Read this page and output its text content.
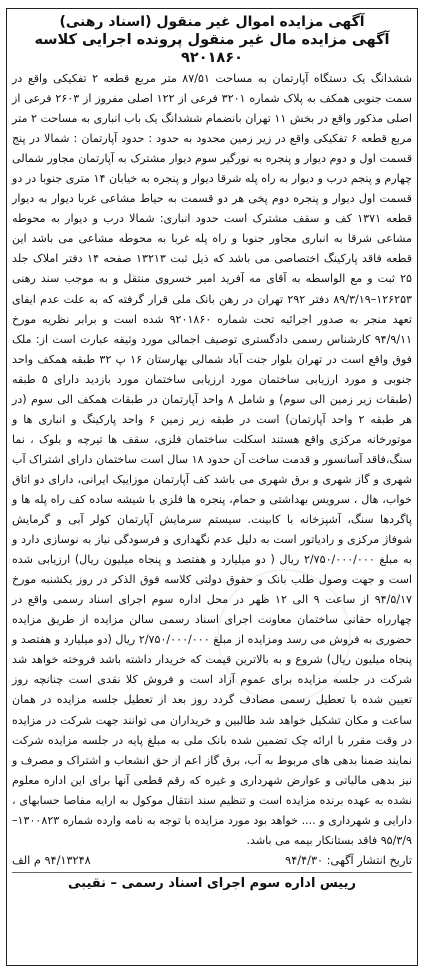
آگهی مزایده اموال غیر منقول (اسناد رهنی)
آگهی مزایده مال غیر منقول پرونده اجرایی کلاسه ۹۲۰۱۸۶۰

ششدانگ یک دستگاه آپارتمان به مساحت ۸۷/۵۱ متر مربع قطعه ۲ تفکیکی واقع در سمت جنوبی همکف به پلاک شماره ۳۲۰۱ فرعی از ۱۲۲ اصلی مفروز از ۲۶۰۳ فرعی از اصلی مذکور واقع در بخش ۱۱ تهران بانضمام ششدانگ یک باب انباری به مساحت ۲ متر مربع قطعه ۶ تفکیکی واقع در زیر زمین محدود به حدود : حدود آپارتمان : شمالا در پنج قسمت اول و دوم دیوار و پنجره به نورگیر سوم دیوار مشترک به آپارتمان مجاور شمالی چهارم و پنجم درب و دیوار به راه پله شرقا دیوار و پنجره به خیابان ۱۴ متری جنوبا در دو قسمت اول دیوار و پنجره دوم پخی هر دو قسمت به حیاط مشاعی غربا دیوار به دیوار قطعه ۱۳۷۱ کف و سقف مشترک است حدود انباری: شمالا درب و دیوار به محوطه مشاعی شرقا به انباری مجاور جنوبا و راه پله غربا به محوطه مشاعی می باشد این قطعه فاقد پارکینگ اختصاصی می باشد که ذیل ثبت ۱۳۲۱۳ صفحه ۱۴ دفتر املاک جلد ۲۵ ثبت و مع الواسطه به آقای مه آفرید امیر خسروی منتقل و به موجب سند رهنی ۱۲۶۲۵۳–۸۹/۳/۱۹ دفتر ۲۹۲ تهران در رهن بانک ملی قرار گرفته که به علت عدم ایفای تعهد منجر به صدور اجرائیه تحت شماره ۹۲۰۱۸۶۰ شده است و برابر نظریه مورخ ۹۴/۹/۱۱ کارشناس رسمی دادگستری توصیف اجمالی مورد وثیقه عبارت است از: ملک فوق واقع است در تهران بلوار جنت آباد شمالی بهارستان ۱۶ پ ۳۲ طبقه همکف واحد جنوبی و مورد ارزیابی ساختمان مورد ارزیابی ساختمان مورد بازدید دارای ۵ طبقه (طبقات زیر زمین الی سوم) و شامل ۸ واحد آپارتمان در طبقات همکف الی سوم (در هر طبقه ۲ واحد آپارتمان) است در طبقه زیر زمین ۶ واحد پارکینگ و انباری ها و موتورخانه مرکزی واقع هستند اسکلت ساختمان فلزی، سقف ها تیرچه و بلوک ، نما سنگ،فاقد آسانسور و قدمت ساخت آن حدود ۱۸ سال است ساختمان دارای اشتراک آب شهری و گاز شهری و برق شهری می باشد کف آپارتمان موزاییک ایرانی، دارای دو اتاق خواب، هال ، سرویس بهداشتی و حمام، پنجره ها فلزی با شیشه ساده کف راه پله ها و پاگردها سنگ، آشپزخانه با کابینت. سیستم سرمایش آپارتمان کولر آبی و گرمایش شوفاژ مرکزی و رادیاتور است به دلیل عدم نگهداری و فرسودگی نیاز به نوسازی دارد و به مبلغ ۲/۷۵۰/۰۰۰/۰۰۰ ریال ( دو میلیارد و هفتصد و پنجاه میلیون ریال) ارزیابی شده است و جهت وصول طلب بانک و حقوق دولتی کلاسه فوق الذکر در روز یکشنبه مورخ ۹۴/۵/۱۷ از ساعت ۹ الی ۱۲ ظهر در محل اداره سوم اجرای اسناد رسمی واقع در چهارراه حقانی ساختمان معاونت اجرای اسناد رسمی سالن مزایده از طریق مزایده حضوری به فروش می رسد ومزایده از مبلغ ۲/۷۵۰/۰۰۰/۰۰۰ ریال (دو میلیارد و هفتصد و پنجاه میلیون ریال) شروع و به بالاترین قیمت که خریدار داشته باشد فروخته خواهد شد شرکت در جلسه مزایده برای عموم آزاد است و فروش کلا نقدی است چنانچه روز تعیین شده با تعطیل رسمی مصادف گردد روز بعد از تعطیل جلسه مزایده در همان ساعت و مکان تشکیل خواهد شد طالبین و خریداران می توانند جهت شرکت در مزایده در وقت مقرر با ارائه چک تضمین شده بانک ملی به مبلغ پایه در جلسه مزایده شرکت نمایند ضمنا بدهی های مربوط به آب، برق گاز اعم از حق انشعاب و اشتراک و مصرف و نیز بدهی مالیاتی و عوارض شهرداری و غیره که رقم قطعی آنها برای این اداره معلوم نشده به عهده برنده مزایده است و تنظیم سند انتقال موکول به ارایه مفاصا حسابهای ، دارایی و شهرداری و .... خواهد بود مورد مزایده با توجه به نامه وارده شماره ۱۳۰۰۸۲۳–۹۵/۳/۹ فاقد بستانکار بیمه می باشد.

تاریخ انتشار آگهی: ۹۴/۴/۳۰
۹۴/۱۳۲۴۸ م الف
رییس اداره سوم اجرای اسناد رسمی – نقیبی
